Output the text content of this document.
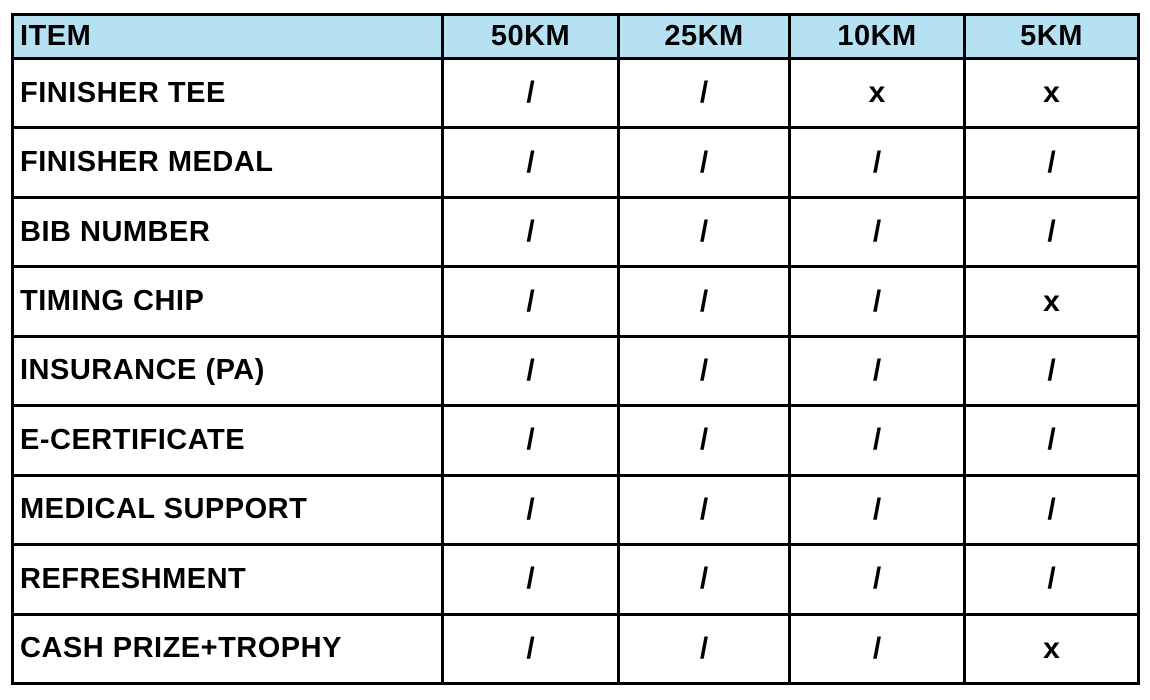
ITEM	50KM	25KM	10KM	5KM
FINISHER TEE	/	/	x	x
FINISHER MEDAL	/	/	/	/
BIB NUMBER	/	/	/	/
TIMING CHIP	/	/	/	x
INSURANCE (PA)	/	/	/	/
E-CERTIFICATE	/	/	/	/
MEDICAL SUPPORT	/	/	/	/
REFRESHMENT	/	/	/	/
CASH PRIZE+TROPHY	/	/	/	x
